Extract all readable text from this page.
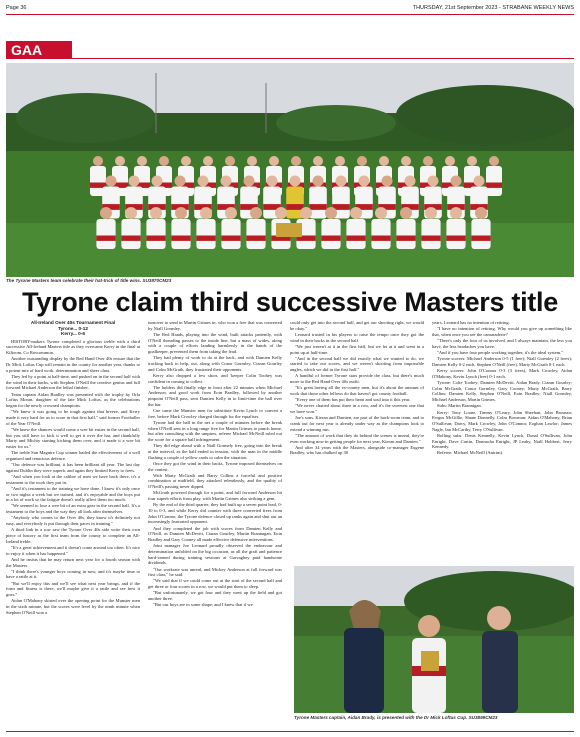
Page 36	THURSDAY, 21st September 2023 - STRABANE WEEKLY NEWS
GAA
The Tyrone Masters team celebrate their hat-trick of title wins. SU3870CM23
Tyrone claim third successive Masters title
All-Ireland Over 40s Tournament Final
Tyrone... 0-12
Kerry... 0-6

HISTORY-makers Tyrone completed a glorious treble with a third successive All-Ireland Masters title as they overcame Kerry in the final at Kiltoom, Co Roscommon.

Another outstanding display by the Red Hand Over 40s ensure that the Dr Mick Loftus Cup will remain in the county for another year, thanks to a potent mix of hard work, determination and sheer class.

They led by a point at half-time, and pushed on in the second half with the wind in their backs, with Stephen O'Neill the creative genius and full forward Michael Anderson the lethal finisher.

Team captain Aidan Bradley was presented with the trophy by Orla Loftus Moran, daughter of the late Mick Loftus, as the celebrations began for the newly crowned champions.

"We knew it was going to be tough against that breeze, and Kerry made it very hard for us to score in that first half," said former Footballer of the Year O'Neill.

"We knew the chances would come a wee bit easier in the second half, but you still have to kick it well to get it over the bar, and thankfully Marty and Michty starting kicking them over, and it made it a wee bit easier for us."

The treble San Maguire Cup winner hailed the effectiveness of a well organised and tenacious defence.

"Our defence was brilliant, it has been brilliant all year. The last day against Dublin they were superb, and again they limited Kerry to frees.

"And when you look at the calibre of men we have back there, it's a testament to the work they put in.

"And it's testament to the training we have done. I know it's only once or two nights a week but we trained, and it's enjoyable and the boys put in a lot of work so the fatigue doesn't really affect them too much.

"We seemed to lose a wee bit of an extra gear in the second half. It's a testament to the boys and the way they all look after themselves.

"Anybody who comes to the Over 40s, they know it's definitely not easy, and everybody is put through their paces in training."

A third link in a row saw the Tyrone Over 40s side write their own piece of history as the first team from the county to complete an All-Ireland treble.

"It's a great achievement and it doesn't come around too often. It's nice to enjoy it when it has happened."

And he insists that he may return next year for a fourth season with the Masters.

"I think there's younger boys coming in now, and it's maybe time to have a rattle at it.

"But we'll enjoy this and we'll see what next year brings, and if the form and fitness is there, we'll maybe give it a rattle and see how it goes."

Aidan O'Mahony skirted over the opening point for the Munster men in the sixth minute, but the scores were level by the ninth minute when Stephen O'Neill won a

turnover to send in Martin Grimes in, who won a free that was converted by Niall Gormley.

The Red Hands, playing into the wind, built attacks patiently, with O'Neill threading passes to the inside line, but a mass of wides, along with a couple of efforts landing harmlessly in the hands of the goalkeeper, prevented them from taking the lead.

They had plenty of work to do at the back, and with Damien Kelly tracking back to help, out, along with Conor Gormley, Ciaran Gourley and Colm McGrath, they frustrated their opponents.

Kerry also dropped a few short, and 'keeper Colin Toohey was confident in coming to collect.

The holders did finally edge in front after 22 minutes when Michael Anderson, and good work from Eoin Bradley, followed by another pinpoint O'Neill pass, sent Damien Kelly in to limit-time the ball over the bar.

Cue came the Munster men for substitute Kevin Lynch to convert a free, before Mark Crowley charged through for the equaliser.

Tyrone had the ball in the net a couple of minutes before the break when O'Neill sent in a long range free for Martin Grimes to punch home, but after consulting with the umpires, referee Michael McNeill ruled out the score for a square ball infringement.

They did edge ahead with a Niall Gormely free, going into the break at the interval, as the half ended in tension, with the man in the middle flashing a couple of yellow cards to calm the situation.

Once they got the wind in their backs, Tyrone imposed themselves on the contest.

With Marty McGrath and Barry Collins a forceful and positive combination at midfield, they attacked relentlessly, and the quality of O'Neill's passing never dipped.

McGrath powered through for a point, and full forward Anderson hit four superb efforts from play, with Martin Grimes also striking a gem.

By the end of the third quarter, they had built up a seven point lead, 0-10 to 0-3, and while Kerry did counter with three converted frees from John O'Connor, the Tyrone defence closed up ranks again and shut out an increasingly frustrated opponent.

And they completed the job with scores from Damien Kelly and O'Neill, as Damien McDevitt, Ciaran Gourley, Martin Brannagan, Eoin Bradley and Gary Cooney all made effective defensive interventions.

Joint manager Joe Leonard proudly observed the endeavour and determination unfolded on the big occasion, as all the graft and patience hard-earned during training sessions at Garvaghey paid handsome dividends.

"Our workrate was unreal, and Mickey Anderson at full forward was first class," he said.

"We said that if we could come out at the start of the second half and get three or four scores in a row, we would put them to sleep.

"But unfortunately, we got four and they went up the field and got another three.

"But our boys are in some shape, and I knew that if we

could only get into the second half, and get our shooting right, we would be okay."

Leonard trusted in his players to raise the tempo once they got the wind in their backs in the second half.

"We just weren't at it in the first half, but we let at it and went in a point up at half-time.

"And in the second half we did exactly what we wanted to do, we started to take our scores, and we weren't shooting from impossible angles, which we did in the first half."

A handful of former Tyrone stars provide the class, but there's much more to the Red Hand Over 40s outfit.

"It's great having all the ex-county men, but it's about the amount of work that those other fellows do that haven't got county football.

"Every one of them has put their heart and soul into it this year.

"We never chatted about three in a row, and it's the sweetest one that we have won."

Joe's sons, Kieran and Damien, are part of the back-room team, and to crank out for next year is already under way as the champions look to extend a winning run.

"The amount of work that they do behind the scenes is unreal, they're even working now in getting people for next year, Kieran and Damien."

And after 34 years with the Masters, alongside co-manager Eugene Bradley, who has chalked up 30

years, Leonard has no intention of retiring.

"I have no intention of retiring. Why would you give up something like that, when once you see the camaraderie?

"There's only the four of us involved, and I always maintain, the less you have, the less headaches you have.

"And if you have four people working together, it's the ideal system."

Tyrone scorers: Michael Anderson 0-5 (1 free); Niall Gormley (2 frees); Damien Kelly 0-2 each, Stephen O'Neill (free), Marty McGrath 0-1 each.

Kerry scorers: John O'Connor 0-3 (3 frees), Mark Crowley, Aidan O'Mahony, Kevin Lynch (free) 0-1 each.

Tyrone: Colie Toohey; Damien McDevitt, Aidan Brady, Ciaran Gourley; Colm McGrath, Conor Gormley, Gary Cooney; Marty McGrath, Barry Collins; Damien Kelly, Stephen O'Neill, Eoin Bradley; Niall Gormley, Michael Anderson, Martin Grimes.

Subs: Martin Brannigan.

Kerry: Tony Loone, Timmy O'Leary, John Sheehan, John Brosnan; Fergus McGillie, Shane Donnelly, Colm Bowman; Aidan O'Mahony, Brian O'Sullivan; Darcy, Mark Crowley, John O'Connor, Eoghan Lawlor; James Nagle, Ian McCarthy, Terry O'Sullivan.

Rolling subs: Denis Kennelly, Kevin Lynch, Donal O'Sullivan, John Enright, Dave Curtin, Donnacha Enright, JP Leahy, Niall Hobbert, Jerry Kennedy.

Referee: Michael McNeill (Antrim).

Tyrone Masters captain, Aidan Brady, is presented with the Dr Mick Loftus Cup. SU3899CM23
